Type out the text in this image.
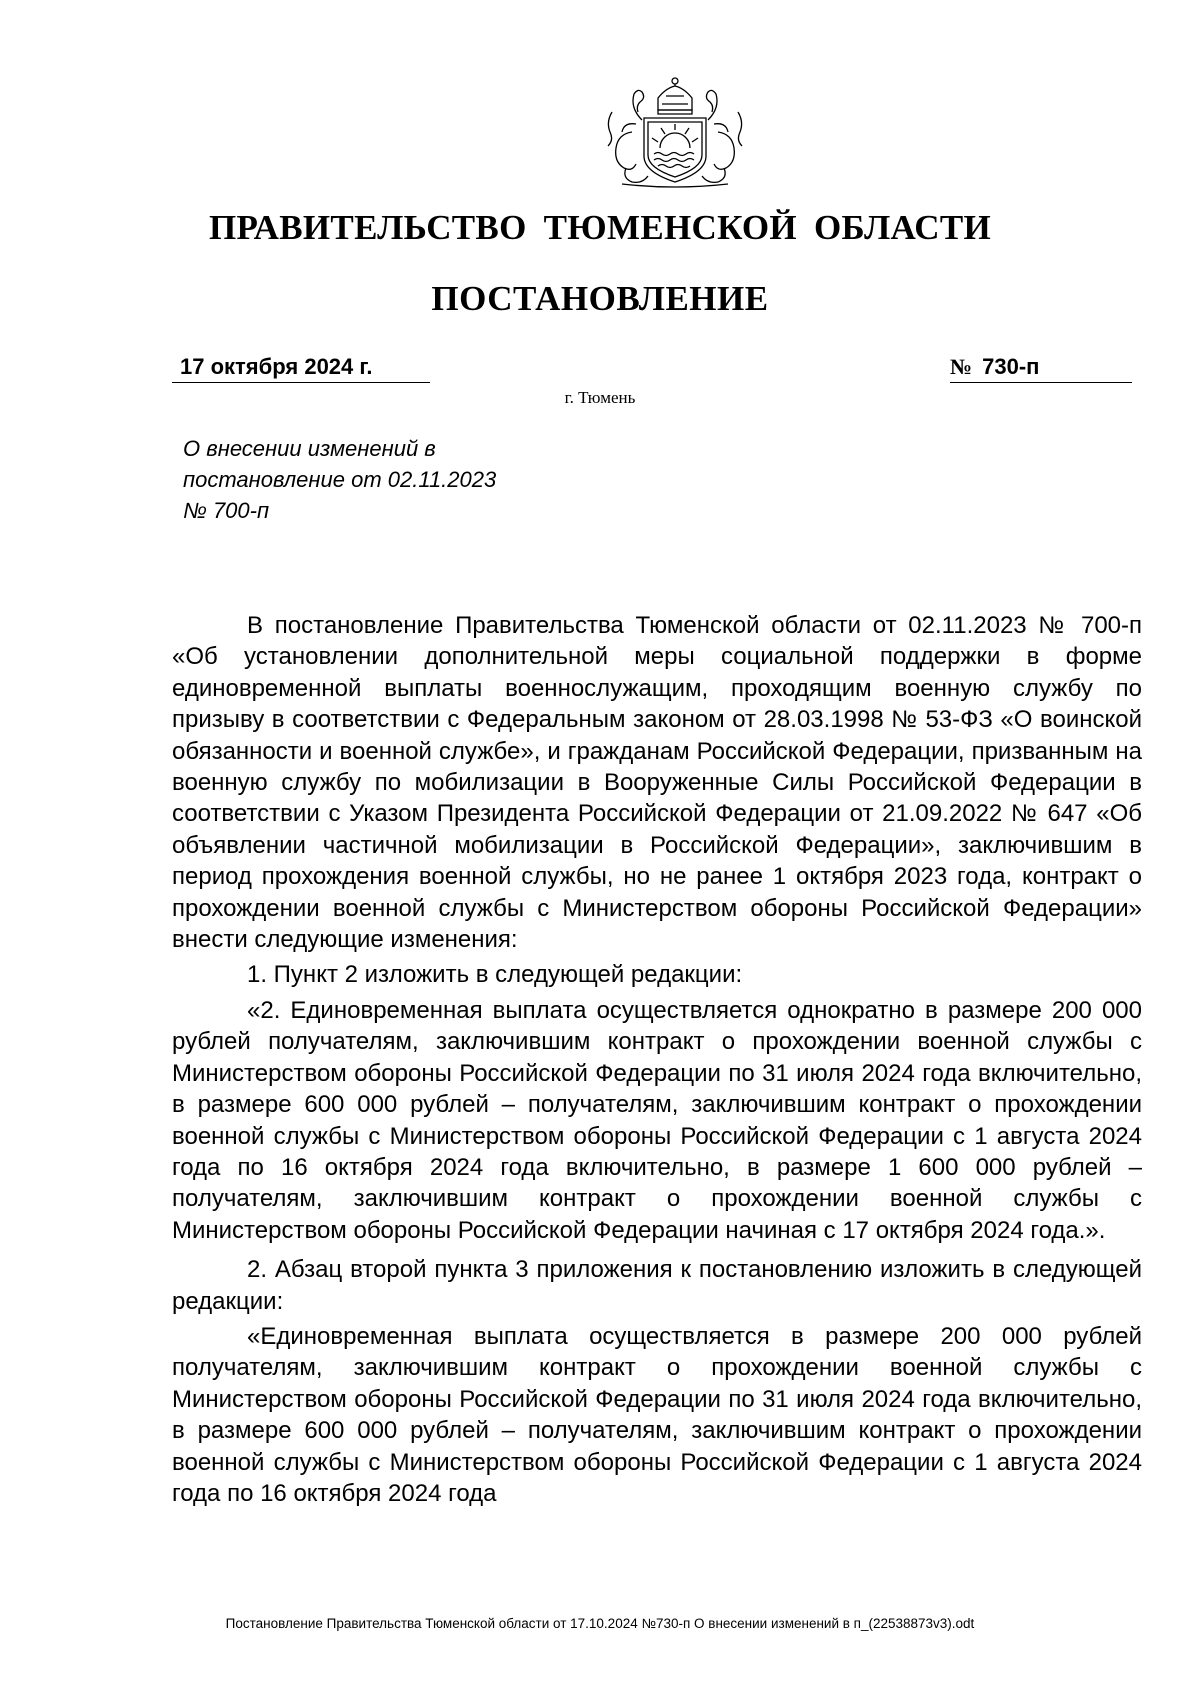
ПРАВИТЕЛЬСТВО ТЮМЕНСКОЙ ОБЛАСТИ
ПОСТАНОВЛЕНИЕ
17 октября 2024 г.	№ 730-п
г. Тюмень
О внесении изменений в
постановление от 02.11.2023
№ 700-п

В постановление Правительства Тюменской области от 02.11.2023 № 700-п «Об установлении дополнительной меры социальной поддержки в форме единовременной выплаты военнослужащим, проходящим военную службу по призыву в соответствии с Федеральным законом от 28.03.1998 № 53-ФЗ «О воинской обязанности и военной службе», и гражданам Российской Федерации, призванным на военную службу по мобилизации в Вооруженные Силы Российской Федерации в соответствии с Указом Президента Российской Федерации от 21.09.2022 № 647 «Об объявлении частичной мобилизации в Российской Федерации», заключившим в период прохождения военной службы, но не ранее 1 октября 2023 года, контракт о прохождении военной службы с Министерством обороны Российской Федерации» внести следующие изменения:

1. Пункт 2 изложить в следующей редакции:

«2. Единовременная выплата осуществляется однократно в размере 200 000 рублей получателям, заключившим контракт о прохождении военной службы с Министерством обороны Российской Федерации по 31 июля 2024 года включительно, в размере 600 000 рублей – получателям, заключившим контракт о прохождении военной службы с Министерством обороны Российской Федерации с 1 августа 2024 года по 16 октября 2024 года включительно, в размере 1 600 000 рублей – получателям, заключившим контракт о прохождении военной службы с Министерством обороны Российской Федерации начиная с 17 октября 2024 года.».

2. Абзац второй пункта 3 приложения к постановлению изложить в следующей редакции:

«Единовременная выплата осуществляется в размере 200 000 рублей получателям, заключившим контракт о прохождении военной службы с Министерством обороны Российской Федерации по 31 июля 2024 года включительно, в размере 600 000 рублей – получателям, заключившим контракт о прохождении военной службы с Министерством обороны Российской Федерации с 1 августа 2024 года по 16 октября 2024 года

Постановление Правительства Тюменской области от 17.10.2024 №730-п О внесении изменений в п_(22538873v3).odt
